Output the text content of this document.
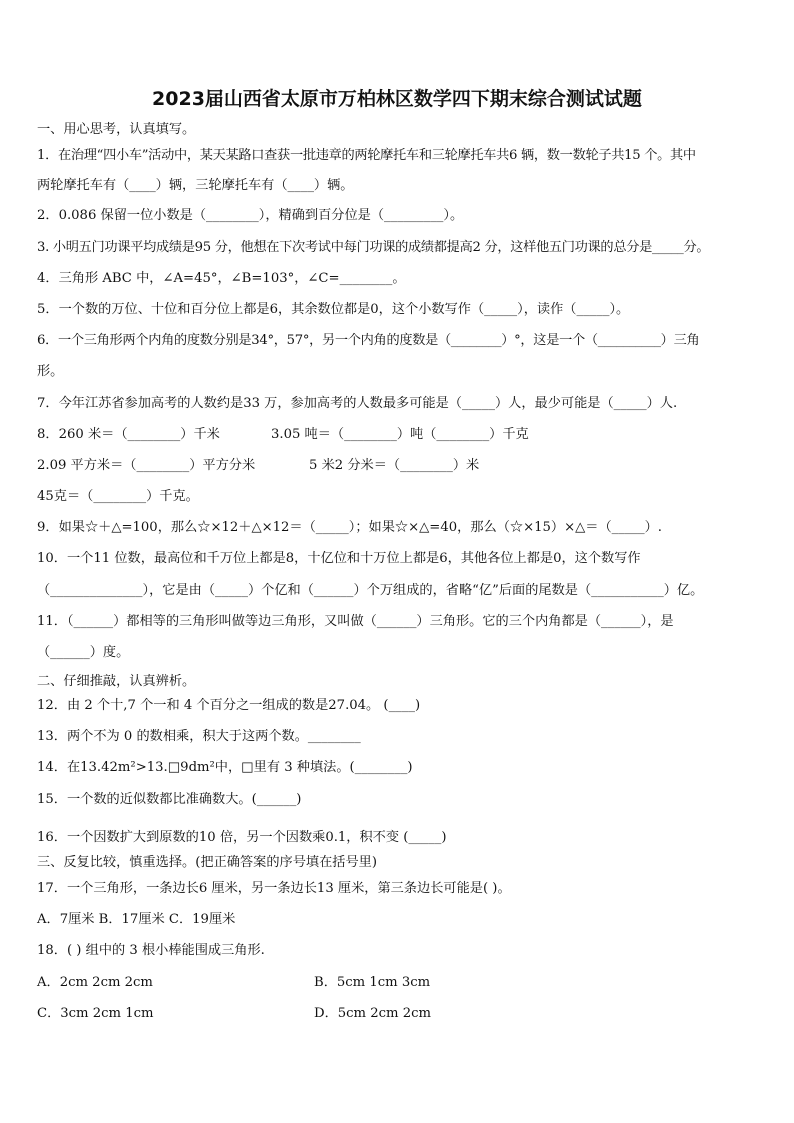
2023届山西省太原市万柏林区数学四下期末综合测试试题
一、用心思考，认真填写。
1．在治理“四小车”活动中，某天某路口查获一批违章的两轮摩托车和三轮摩托车共6 辆，数一数轮子共15 个。其中
两轮摩托车有（____）辆，三轮摩托车有（____）辆。
2．0.086 保留一位小数是（________），精确到百分位是（_________）。
3. 小明五门功课平均成绩是95 分，他想在下次考试中每门功课的成绩都提高2 分，这样他五门功课的总分是_____分。
4．三角形 ABC 中，∠A=45°，∠B=103°，∠C=________。
5．一个数的万位、十位和百分位上都是6，其余数位都是0，这个小数写作（_____），读作（_____）。
6．一个三角形两个内角的度数分别是34°，57°，另一个内角的度数是（________）°，这是一个（__________）三角
形。
7．今年江苏省参加高考的人数约是33 万，参加高考的人数最多可能是（_____）人，最少可能是（_____）人.
8．260 米＝（________）千米	3.05 吨＝（________）吨（________）千克
2.09 平方米＝（________）平方分米	5 米2 分米＝（________）米
45克＝（________）千克。
9．如果☆＋△=100，那么☆×12＋△×12＝（_____）；如果☆×△=40，那么（☆×15）×△＝（_____）.
10．一个11 位数，最高位和千万位上都是8，十亿位和十万位上都是6，其他各位上都是0，这个数写作
（______________），它是由（_____）个亿和（______）个万组成的，省略“亿”后面的尾数是（___________）亿。
11．（______）都相等的三角形叫做等边三角形，又叫做（______）三角形。它的三个内角都是（______），是
（______）度。
二、仔细推敲，认真辨析。
12．由 2 个十,7 个一和 4 个百分之一组成的数是27.04。 (____)
13．两个不为 0 的数相乘，积大于这两个数。________
14．在13.42m²>13.□9dm²中，□里有 3 种填法。(________)
15．一个数的近似数都比准确数大。(______)
16．一个因数扩大到原数的10 倍，另一个因数乘0.1，积不变 (_____)
三、反复比较，慎重选择。(把正确答案的序号填在括号里)
17．一个三角形，一条边长6 厘米，另一条边长13 厘米，第三条边长可能是( )。
A．7厘米 B．17厘米 C．19厘米
18．( ) 组中的 3 根小棒能围成三角形.
A．2cm 2cm 2cm	B．5cm 1cm 3cm
C．3cm 2cm 1cm	D．5cm 2cm 2cm
